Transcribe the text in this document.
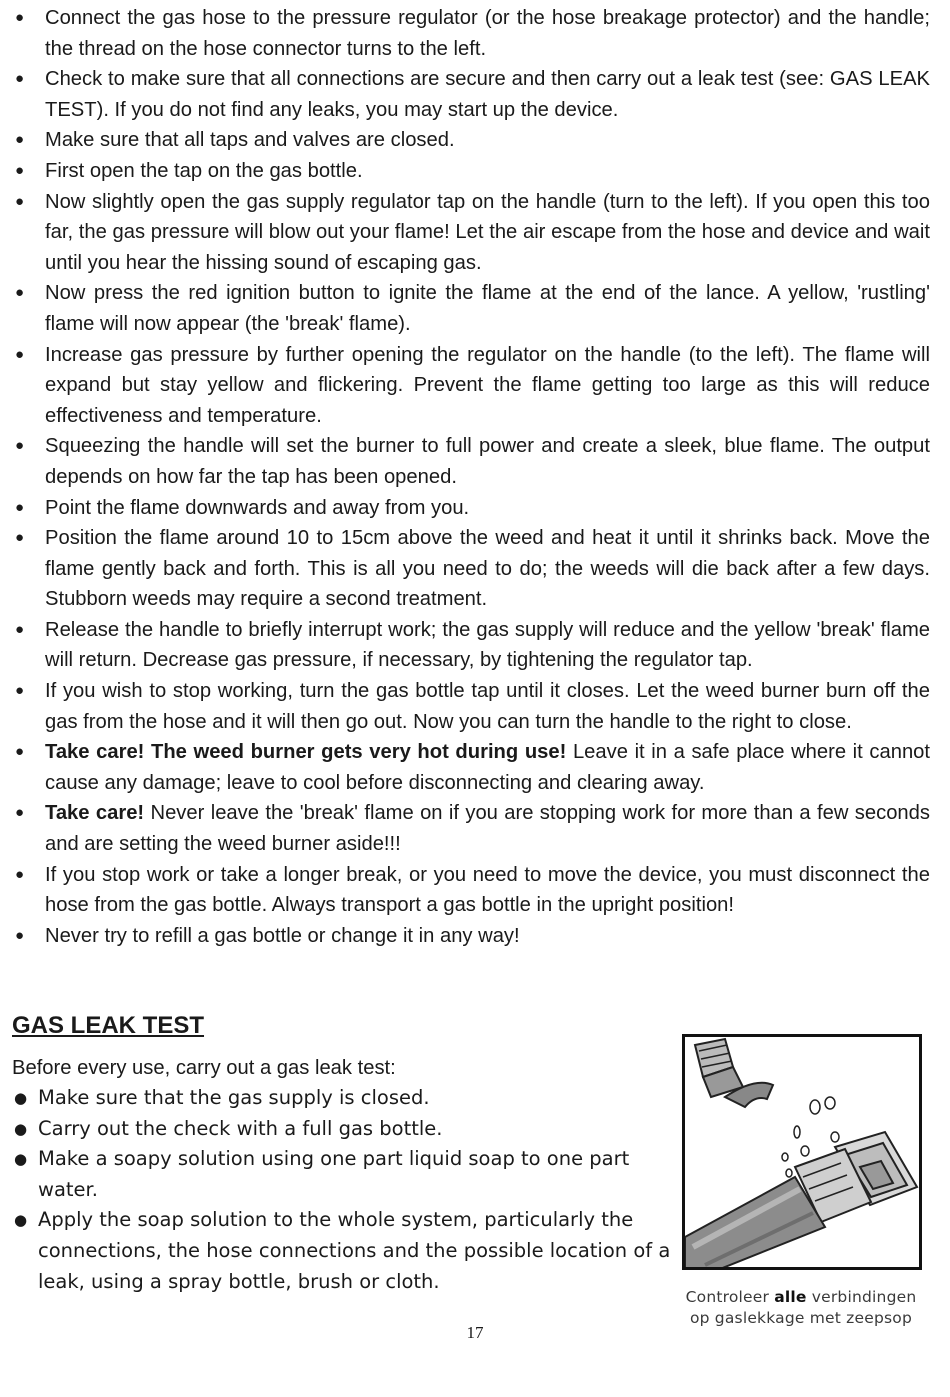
●	Connect the gas hose to the pressure regulator (or the hose breakage protector) and the handle; the thread on the hose connector turns to the left.
●	Check to make sure that all connections are secure and then carry out a leak test (see: GAS LEAK TEST). If you do not find any leaks, you may start up the device.
●	Make sure that all taps and valves are closed.
●	First open the tap on the gas bottle.
●	Now slightly open the gas supply regulator tap on the handle (turn to the left). If you open this too far, the gas pressure will blow out your flame! Let the air escape from the hose and device and wait until you hear the hissing sound of escaping gas.
●	Now press the red ignition button to ignite the flame at the end of the lance. A yellow, 'rustling' flame will now appear (the 'break' flame).
●	Increase gas pressure by further opening the regulator on the handle (to the left). The flame will expand but stay yellow and flickering. Prevent the flame getting too large as this will reduce effectiveness and temperature.
●	Squeezing the handle will set the burner to full power and create a sleek, blue flame. The output depends on how far the tap has been opened.
●	Point the flame downwards and away from you.
●	Position the flame around 10 to 15cm above the weed and heat it until it shrinks back. Move the flame gently back and forth. This is all you need to do; the weeds will die back after a few days. Stubborn weeds may require a second treatment.
●	Release the handle to briefly interrupt work; the gas supply will reduce and the yellow 'break' flame will return. Decrease gas pressure, if necessary, by tightening the regulator tap.
●	If you wish to stop working, turn the gas bottle tap until it closes. Let the weed burner burn off the gas from the hose and it will then go out. Now you can turn the handle to the right to close.
●	Take care! The weed burner gets very hot during use! Leave it in a safe place where it cannot cause any damage; leave to cool before disconnecting and clearing away.
●	Take care! Never leave the 'break' flame on if you are stopping work for more than a few seconds and are setting the weed burner aside!!!
●	If you stop work or take a longer break, or you need to move the device, you must disconnect the hose from the gas bottle. Always transport a gas bottle in the upright position!
●	Never try to refill a gas bottle or change it in any way!
GAS LEAK TEST

Before every use, carry out a gas leak test:

● Make sure that the gas supply is closed.
● Carry out the check with a full gas bottle.
● Make a soapy solution using one part liquid soap to one part water.
● Apply the soap solution to the whole system, particularly the connections, the hose connections and the possible location of a leak, using a spray bottle, brush or cloth.
Controleer alle verbindingen
op gaslekkage met zeepsop
17
